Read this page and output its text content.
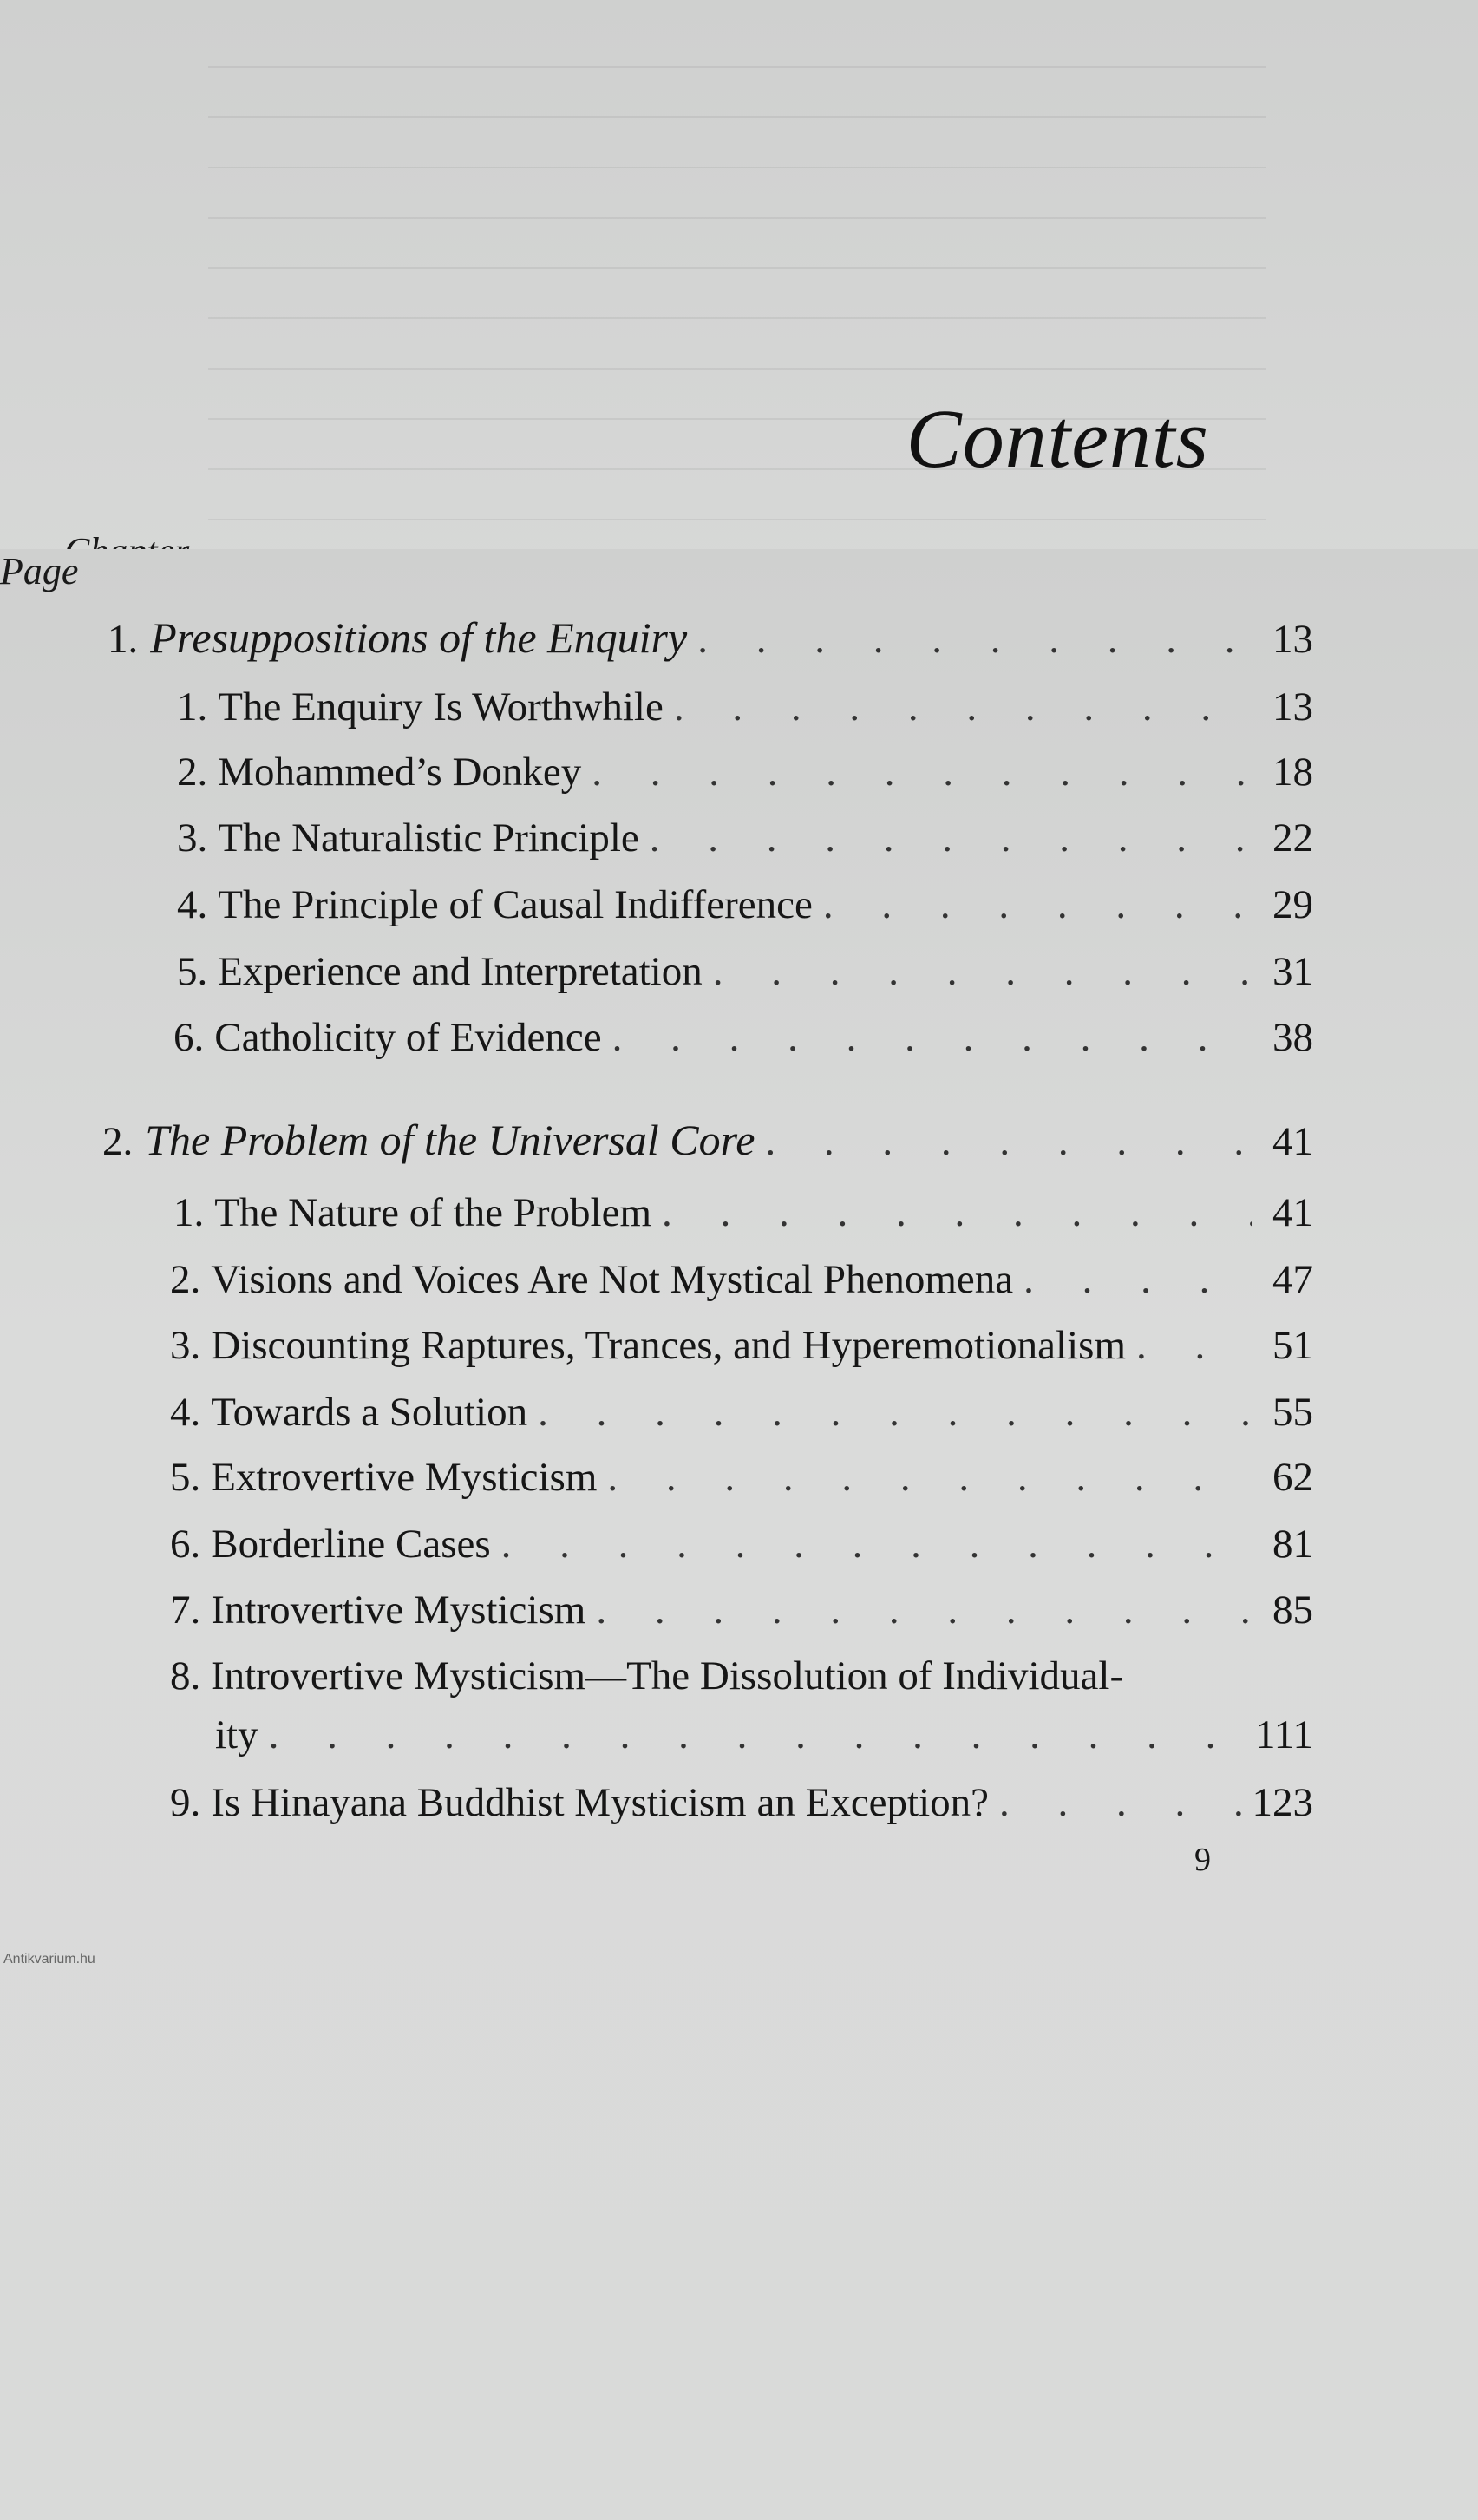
Contents
Page
1. Presuppositions of the Enquiry . . .	13
1. The Enquiry Is Worthwhile . . .	13
2. Mohammed’s Donkey . . .	18
3. The Naturalistic Principle . . .	22
4. The Principle of Causal Indifference . . .	29
5. Experience and Interpretation . . .	31
6. Catholicity of Evidence . . .	38
2. The Problem of the Universal Core . . .	41
1. The Nature of the Problem . . .	41
2. Visions and Voices Are Not Mystical Phenomena . . .	47
3. Discounting Raptures, Trances, and Hyperemotionalism . . .	51
4. Towards a Solution . . .	55
5. Extrovertive Mysticism . . .	62
6. Borderline Cases . . .	81
7. Introvertive Mysticism . . .	85
8. Introvertive Mysticism—The Dissolution of Individual-
ity . . .	111
9. Is Hinayana Buddhist Mysticism an Exception? . . .	123
9
Antikvarium.hu
